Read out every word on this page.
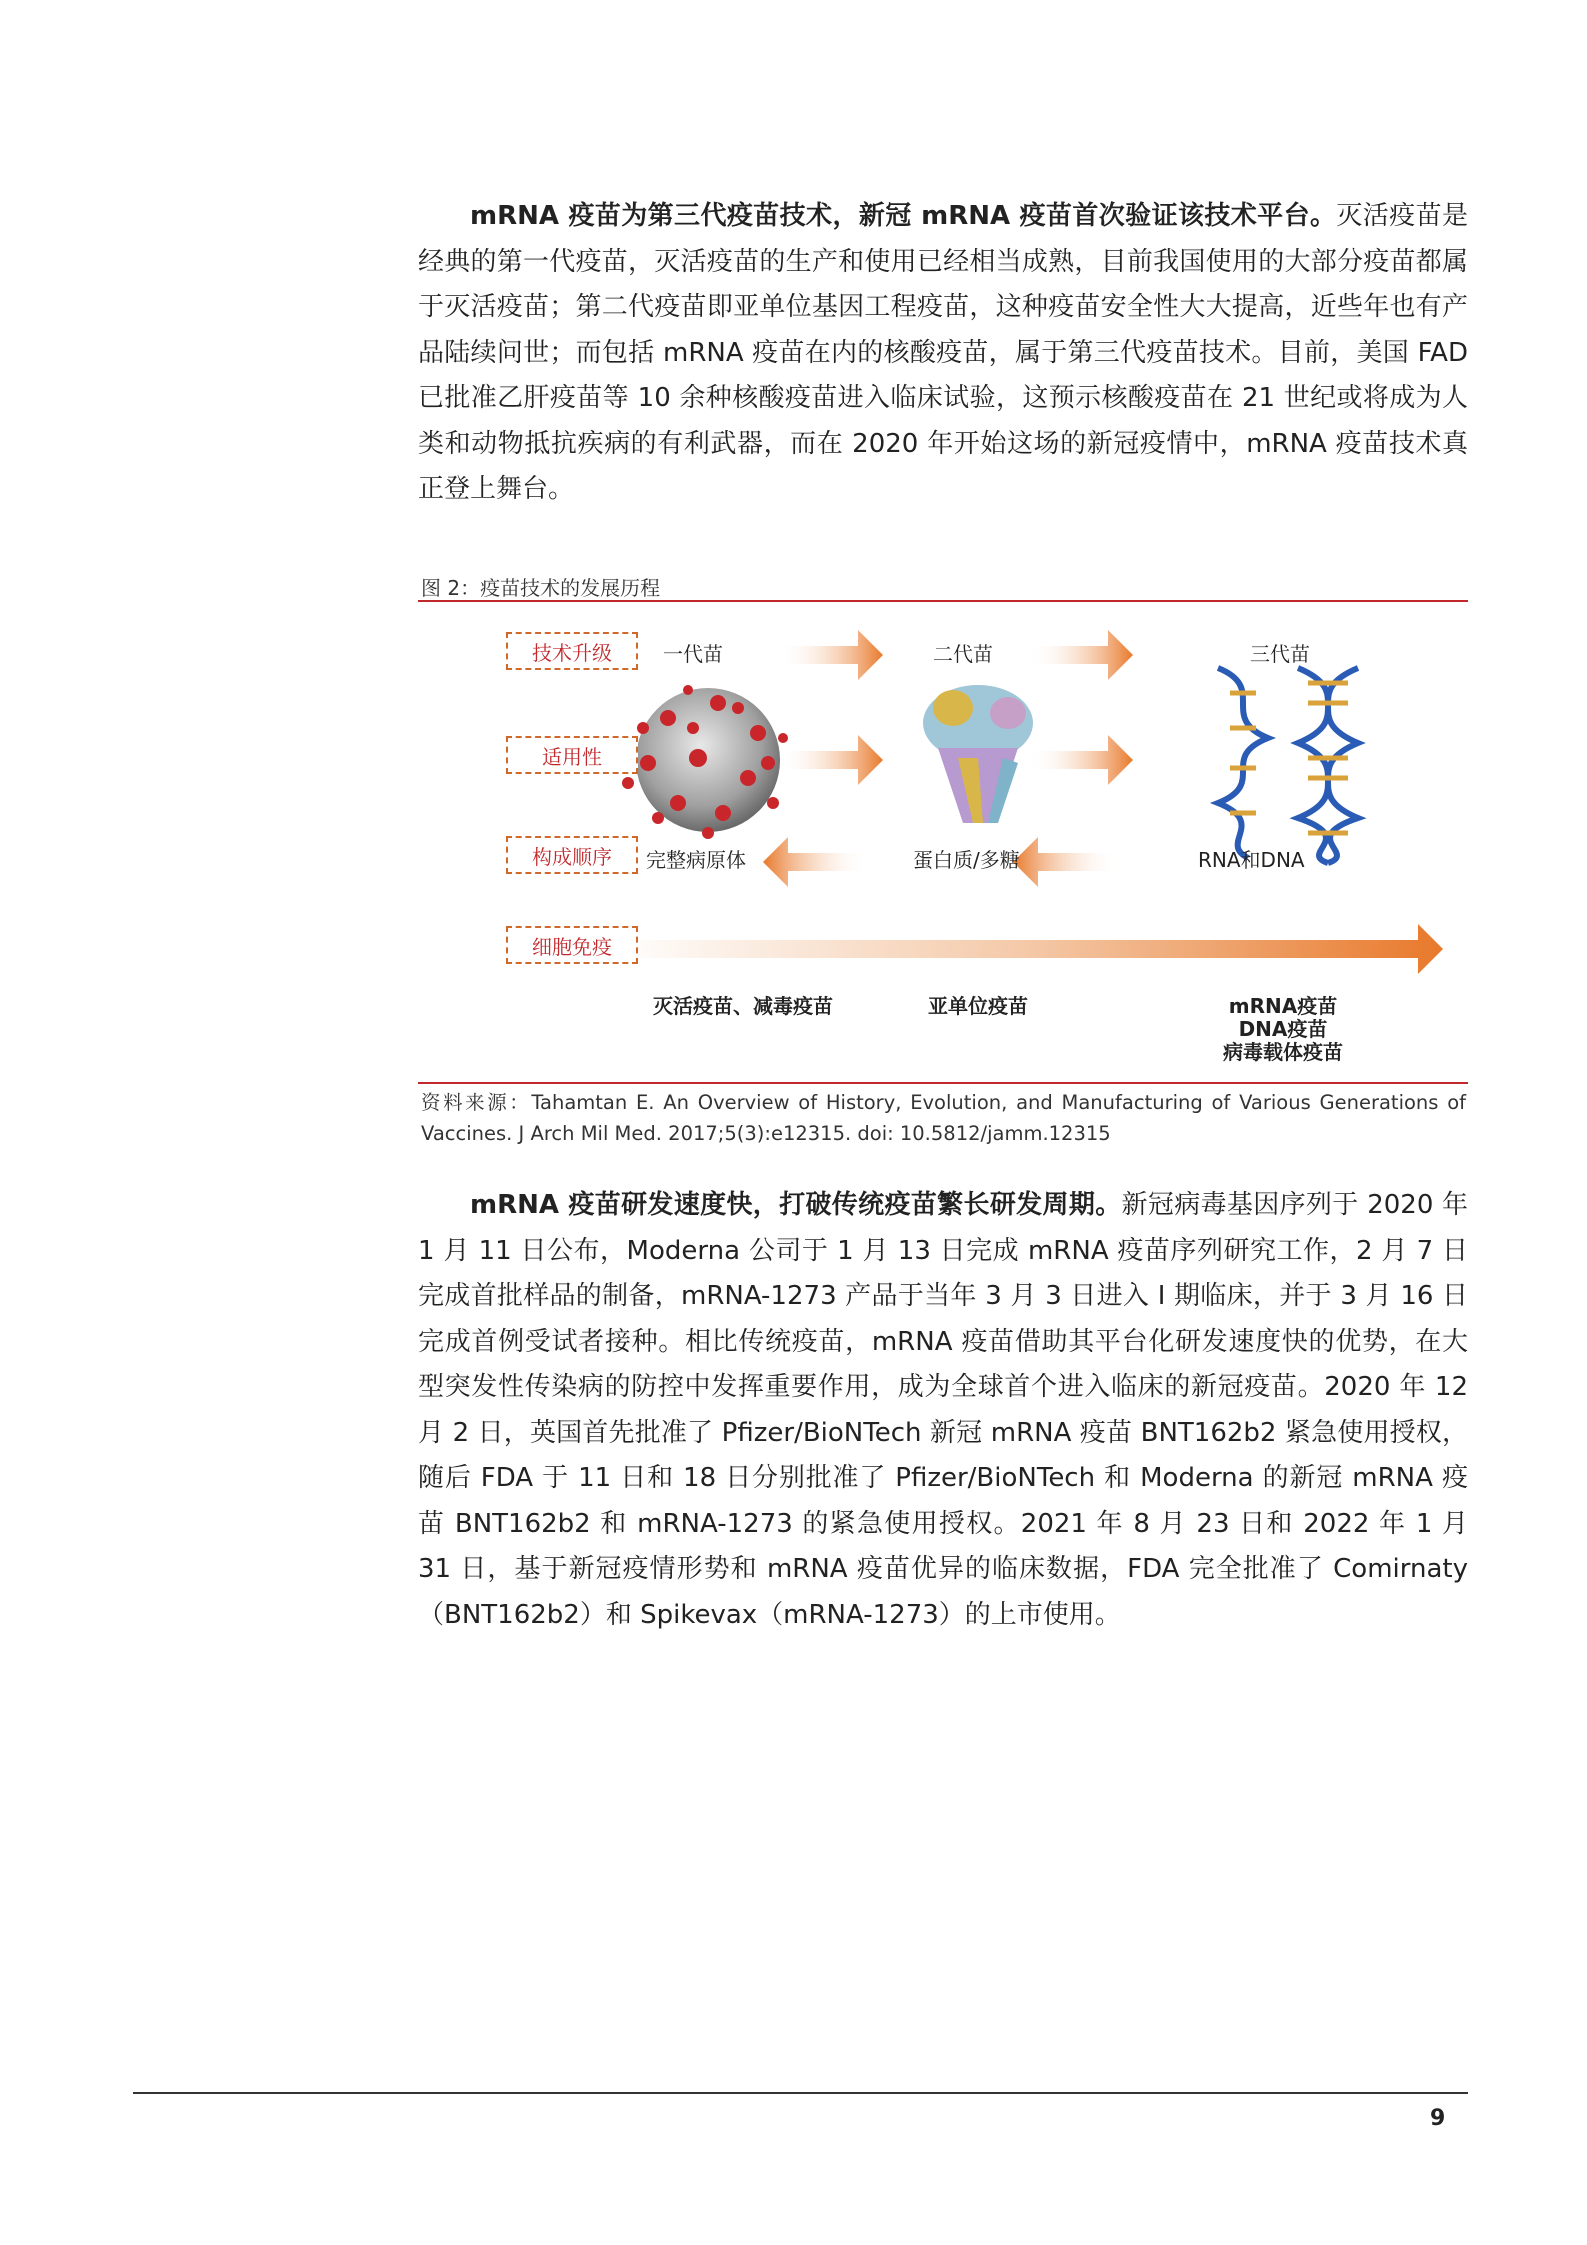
mRNA 疫苗为第三代疫苗技术，新冠 mRNA 疫苗首次验证该技术平台。灭活疫苗是经典的第一代疫苗，灭活疫苗的生产和使用已经相当成熟，目前我国使用的大部分疫苗都属于灭活疫苗；第二代疫苗即亚单位基因工程疫苗，这种疫苗安全性大大提高，近些年也有产品陆续问世；而包括 mRNA 疫苗在内的核酸疫苗，属于第三代疫苗技术。目前，美国 FAD 已批准乙肝疫苗等 10 余种核酸疫苗进入临床试验，这预示核酸疫苗在 21 世纪或将成为人类和动物抵抗疾病的有利武器，而在 2020 年开始这场的新冠疫情中，mRNA 疫苗技术真正登上舞台。
图 2：疫苗技术的发展历程
技术升级
适用性
构成顺序
细胞免疫
一代苗	二代苗	三代苗
完整病原体	蛋白质/多糖	RNA和DNA
灭活疫苗、减毒疫苗	亚单位疫苗	mRNA疫苗
DNA疫苗
病毒载体疫苗
资料来源：Tahamtan E. An Overview of History, Evolution, and Manufacturing of Various Generations of Vaccines. J Arch Mil Med. 2017;5(3):e12315. doi: 10.5812/jamm.12315
mRNA 疫苗研发速度快，打破传统疫苗繁长研发周期。新冠病毒基因序列于 2020 年 1 月 11 日公布，Moderna 公司于 1 月 13 日完成 mRNA 疫苗序列研究工作，2 月 7 日完成首批样品的制备，mRNA-1273 产品于当年 3 月 3 日进入 I 期临床，并于 3 月 16 日完成首例受试者接种。相比传统疫苗，mRNA 疫苗借助其平台化研发速度快的优势，在大型突发性传染病的防控中发挥重要作用，成为全球首个进入临床的新冠疫苗。2020 年 12 月 2 日，英国首先批准了 Pfizer/BioNTech 新冠 mRNA 疫苗 BNT162b2 紧急使用授权，随后 FDA 于 11 日和 18 日分别批准了 Pfizer/BioNTech 和 Moderna 的新冠 mRNA 疫苗 BNT162b2 和 mRNA-1273 的紧急使用授权。2021 年 8 月 23 日和 2022 年 1 月 31 日，基于新冠疫情形势和 mRNA 疫苗优异的临床数据，FDA 完全批准了 Comirnaty（BNT162b2）和 Spikevax（mRNA-1273）的上市使用。
9
